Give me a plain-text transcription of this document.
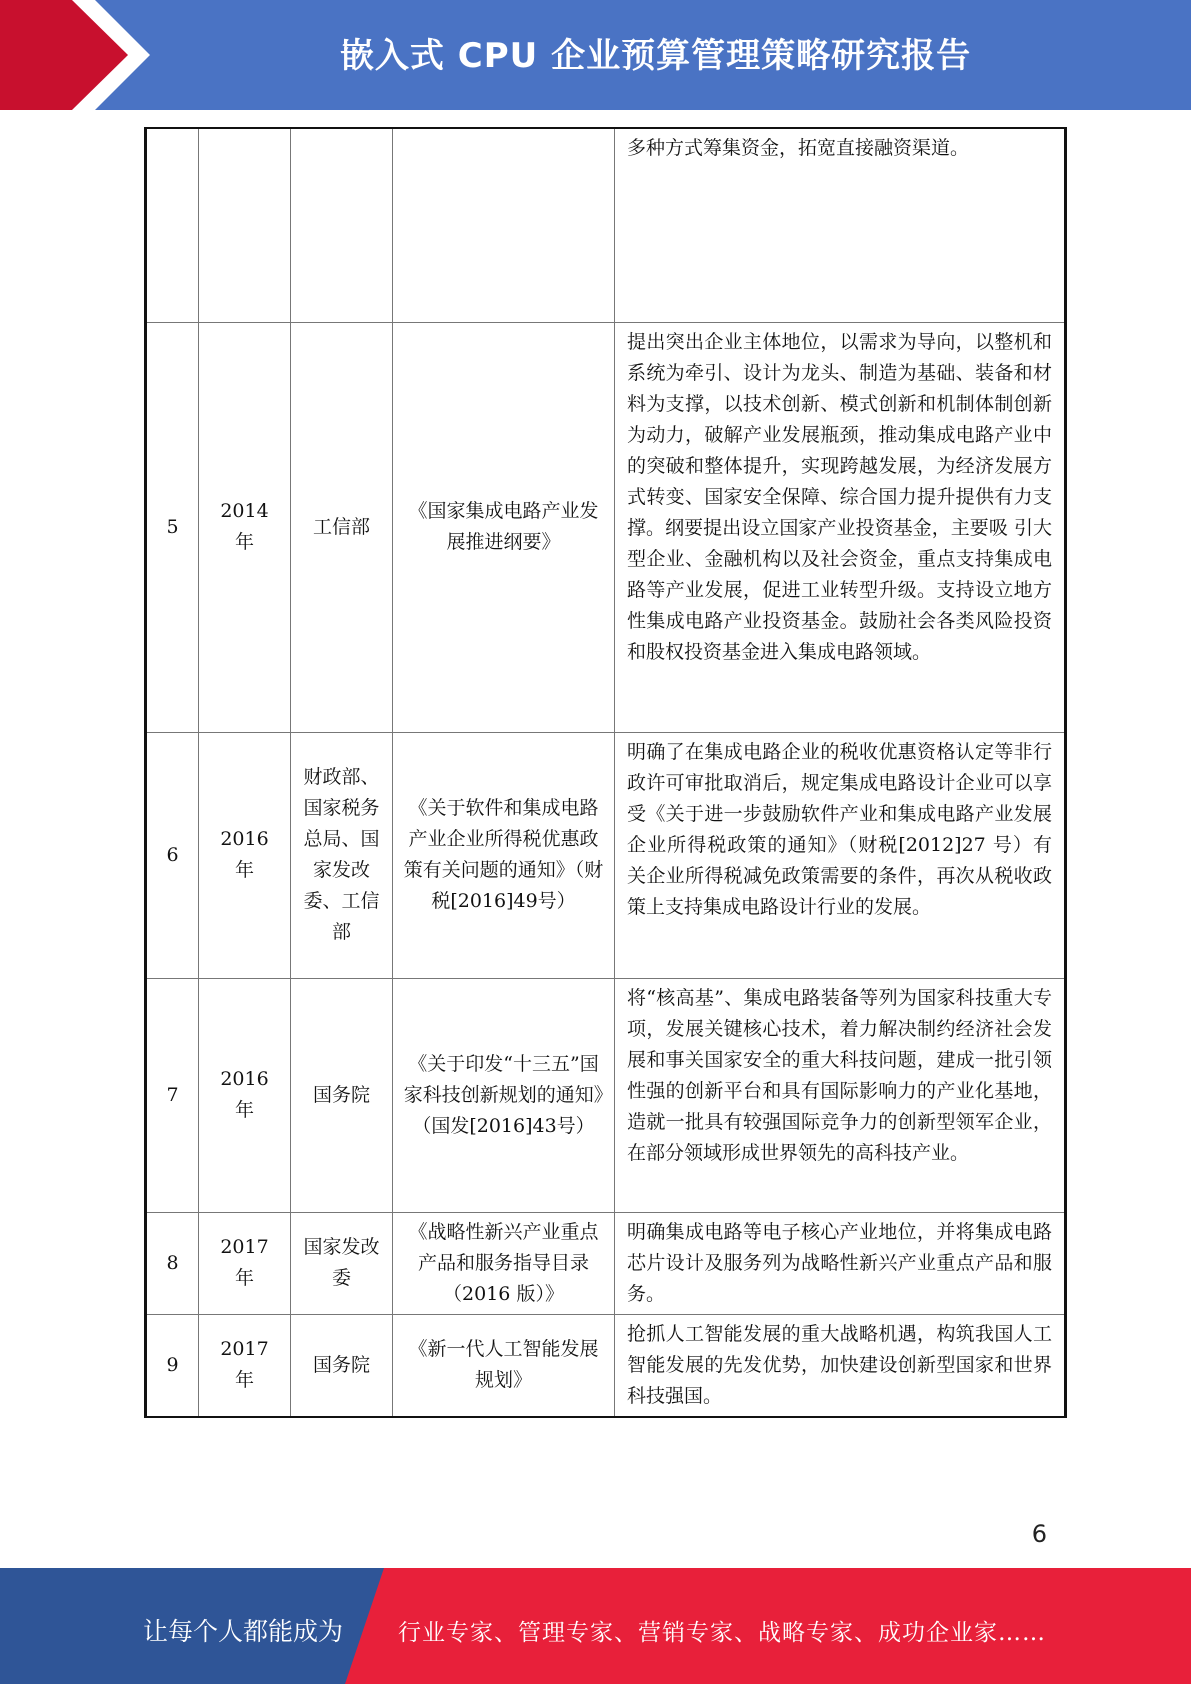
嵌入式 CPU 企业预算管理策略研究报告
				多种方式筹集资金，拓宽直接融资渠道。
5	2014 年	工信部	《国家集成电路产业发展推进纲要》	提出突出企业主体地位，以需求为导向，以整机和系统为牵引、设计为龙头、制造为基础、装备和材料为支撑，以技术创新、模式创新和机制体制创新为动力，破解产业发展瓶颈，推动集成电路产业中的突破和整体提升，实现跨越发展，为经济发展方式转变、国家安全保障、综合国力提升提供有力支撑。纲要提出设立国家产业投资基金，主要吸 引大型企业、金融机构以及社会资金，重点支持集成电路等产业发展，促进工业转型升级。支持设立地方性集成电路产业投资基金。鼓励社会各类风险投资和股权投资基金进入集成电路领域。
6	2016 年	财政部、国家税务总局、国家发改委、工信部	《关于软件和集成电路产业企业所得税优惠政策有关问题的通知》（财税[2016]49号）	明确了在集成电路企业的税收优惠资格认定等非行政许可审批取消后，规定集成电路设计企业可以享受《关于进一步鼓励软件产业和集成电路产业发展企业所得税政策的通知》（财税[2012]27 号）有关企业所得税减免政策需要的条件，再次从税收政策上支持集成电路设计行业的发展。
7	2016 年	国务院	《关于印发“十三五”国家科技创新规划的通知》（国发[2016]43号）	将“核高基”、集成电路装备等列为国家科技重大专项，发展关键核心技术，着力解决制约经济社会发展和事关国家安全的重大科技问题，建成一批引领性强的创新平台和具有国际影响力的产业化基地，造就一批具有较强国际竞争力的创新型领军企业，在部分领域形成世界领先的高科技产业。
8	2017 年	国家发改委	《战略性新兴产业重点产品和服务指导目录（2016 版）》	明确集成电路等电子核心产业地位，并将集成电路芯片设计及服务列为战略性新兴产业重点产品和服务。
9	2017 年	国务院	《新一代人工智能发展规划》	抢抓人工智能发展的重大战略机遇，构筑我国人工智能发展的先发优势，加快建设创新型国家和世界科技强国。
6
让每个人都能成为 行业专家、管理专家、营销专家、战略专家、成功企业家……
